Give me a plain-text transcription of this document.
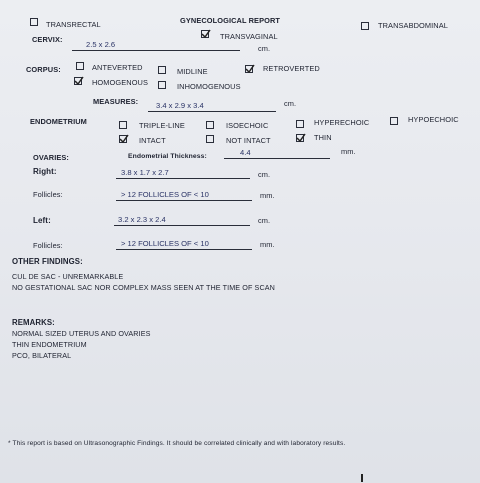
TRANSRECTAL	GYNECOLOGICAL REPORT
TRANSVAGINAL
TRANSABDOMINAL
CERVIX:
2.5 x 2.6	cm.
CORPUS:	ANTEVERTED	MIDLINE	RETROVERTED
HOMOGENOUS	INHOMOGENOUS
MEASURES: 3.4 x 2.9 x 3.4	cm.
ENDOMETRIUM	TRIPLE-LINE	ISOECHOIC	HYPERECHOIC	HYPOECHOIC
INTACT	NOT INTACT	THIN
OVARIES:	Endometrial Thickness:	4.4	mm.
Right:	3.8 x 1.7 x 2.7	cm.
Follicles:	> 12 FOLLICLES OF < 10	mm.
Left:	3.2 x 2.3 x 2.4	cm.
Follicles:	> 12 FOLLICLES OF < 10	mm.
OTHER FINDINGS:
CUL DE SAC - UNREMARKABLE
NO GESTATIONAL SAC NOR COMPLEX MASS SEEN AT THE TIME OF SCAN
REMARKS:
NORMAL SIZED UTERUS AND OVARIES
THIN ENDOMETRIUM
PCO, BILATERAL
* This report is based on Ultrasonographic Findings. It should be correlated clinically and with laboratory results.
